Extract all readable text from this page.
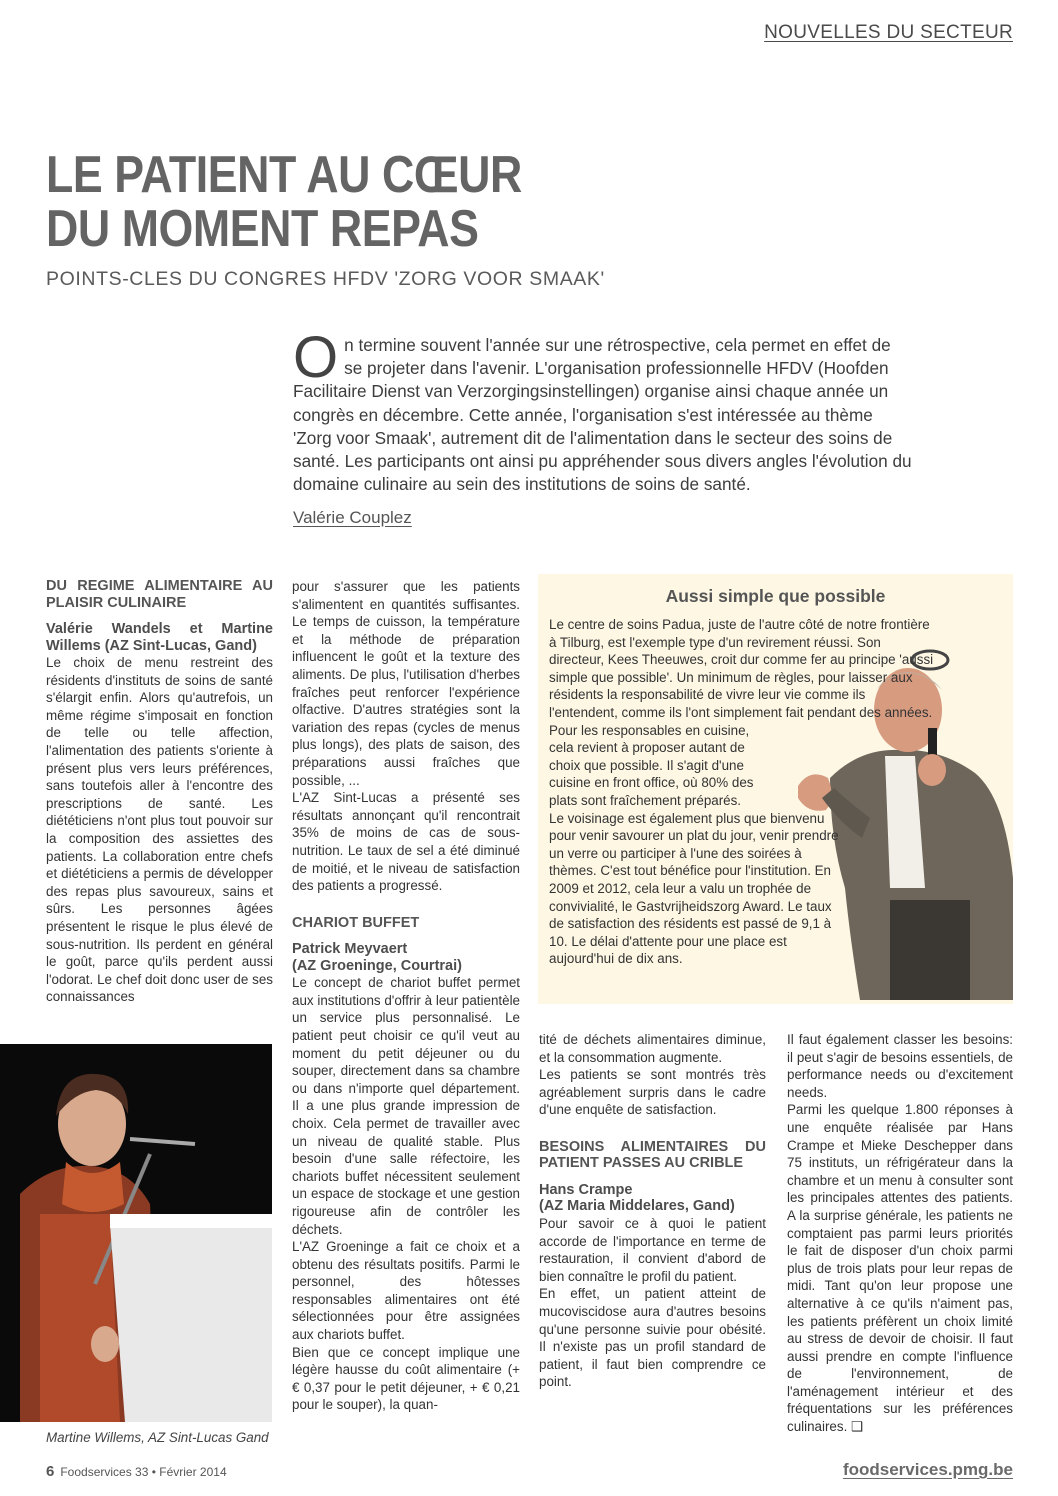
NOUVELLES DU SECTEUR
LE PATIENT AU CŒUR
DU MOMENT REPAS
POINTS-CLES DU CONGRES HFDV 'ZORG VOOR SMAAK'
On termine souvent l'année sur une rétrospective, cela permet en effet de se projeter dans l'avenir. L'organisation professionnelle HFDV (Hoofden Facilitaire Dienst van Verzorgingsinstellingen) organise ainsi chaque année un congrès en décembre. Cette année, l'organisation s'est intéressée au thème 'Zorg voor Smaak', autrement dit de l'alimentation dans le secteur des soins de santé. Les participants ont ainsi pu appréhender sous divers angles l'évolution du domaine culinaire au sein des institutions de soins de santé.
Valérie Couplez
DU REGIME ALIMENTAIRE AU PLAISIR CULINAIRE
Valérie Wandels et Martine Willems (AZ Sint-Lucas, Gand)

Le choix de menu restreint des résidents d'instituts de soins de santé s'élargit enfin. Alors qu'autrefois, un même régime s'imposait en fonction de telle ou telle affection, l'alimentation des patients s'oriente à présent plus vers leurs préférences, sans toutefois aller à l'encontre des prescriptions de santé. Les diététiciens n'ont plus tout pouvoir sur la composition des assiettes des patients. La collaboration entre chefs et diététiciens a permis de développer des repas plus savoureux, sains et sûrs. Les personnes âgées présentent le risque le plus élevé de sous-nutrition. Ils perdent en général le goût, parce qu'ils perdent aussi l'odorat. Le chef doit donc user de ses connaissances

pour s'assurer que les patients s'alimentent en quantités suffisantes. Le temps de cuisson, la température et la méthode de préparation influencent le goût et la texture des aliments. De plus, l'utilisation d'herbes fraîches peut renforcer l'expérience olfactive. D'autres stratégies sont la variation des repas (cycles de menus plus longs), des plats de saison, des préparations aussi fraîches que possible, ...

L'AZ Sint-Lucas a présenté ses résultats annonçant qu'il rencontrait 35% de moins de cas de sous-nutrition. Le taux de sel a été diminué de moitié, et le niveau de satisfaction des patients a progressé.

CHARIOT BUFFET
Patrick Meyvaert
(AZ Groeninge, Courtrai)

Le concept de chariot buffet permet aux institutions d'offrir à leur patientèle un service plus personnalisé. Le patient peut choisir ce qu'il veut au moment du petit déjeuner ou du souper, directement dans sa chambre ou dans n'importe quel département. Il a une plus grande impression de choix. Cela permet de travailler avec un niveau de qualité stable. Plus besoin d'une salle réfectoire, les chariots buffet nécessitent seulement un espace de stockage et une gestion rigoureuse afin de contrôler les déchets.

L'AZ Groeninge a fait ce choix et a obtenu des résultats positifs. Parmi le personnel, des hôtesses responsables alimentaires ont été sélectionnées pour être assignées aux chariots buffet.

Bien que ce concept implique une légère hausse du coût alimentaire (+ € 0,37 pour le petit déjeuner, + € 0,21 pour le souper), la quan-

Aussi simple que possible

Le centre de soins Padua, juste de l'autre côté de notre frontière à Tilburg, est l'exemple type d'un revirement réussi. Son directeur, Kees Theeuwes, croit dur comme fer au principe 'aussi simple que possible'. Un minimum de règles, pour laisser aux résidents la responsabilité de vivre leur vie comme ils l'entendent, comme ils l'ont simplement fait pendant des années.

Pour les responsables en cuisine, cela revient à proposer autant de choix que possible. Il s'agit d'une cuisine en front office, où 80% des plats sont fraîchement préparés.

Le voisinage est également plus que bienvenu pour venir savourer un plat du jour, venir prendre un verre ou participer à l'une des soirées à thèmes. C'est tout bénéfice pour l'institution. En 2009 et 2012, cela leur a valu un trophée de convivialité, le Gastvrijheidszorg Award. Le taux de satisfaction des résidents est passé de 9,1 à 10. Le délai d'attente pour une place est aujourd'hui de dix ans.

tité de déchets alimentaires diminue, et la consommation augmente.

Les patients se sont montrés très agréablement surpris dans le cadre d'une enquête de satisfaction.

BESOINS ALIMENTAIRES DU PATIENT PASSES AU CRIBLE
Hans Crampe
(AZ Maria Middelares, Gand)

Pour savoir ce à quoi le patient accorde de l'importance en terme de restauration, il convient d'abord de bien connaître le profil du patient.

En effet, un patient atteint de mucoviscidose aura d'autres besoins qu'une personne suivie pour obésité. Il n'existe pas un profil standard de patient, il faut bien comprendre ce point.

Il faut également classer les besoins: il peut s'agir de besoins essentiels, de performance needs ou d'excitement needs.

Parmi les quelque 1.800 réponses à une enquête réalisée par Hans Crampe et Mieke Deschepper dans 75 instituts, un réfrigérateur dans la chambre et un menu à consulter sont les principales attentes des patients. A la surprise générale, les patients ne comptaient pas parmi leurs priorités le fait de disposer d'un choix parmi plus de trois plats pour leur repas de midi. Tant qu'on leur propose une alternative à ce qu'ils n'aiment pas, les patients préfèrent un choix limité au stress de devoir de choisir. Il faut aussi prendre en compte l'influence de l'environnement, de l'aménagement intérieur et des fréquentations sur les préférences culinaires. ❑

Martine Willems, AZ Sint-Lucas Gand
6 Foodservices 33 • Février 2014	foodservices.pmg.be
